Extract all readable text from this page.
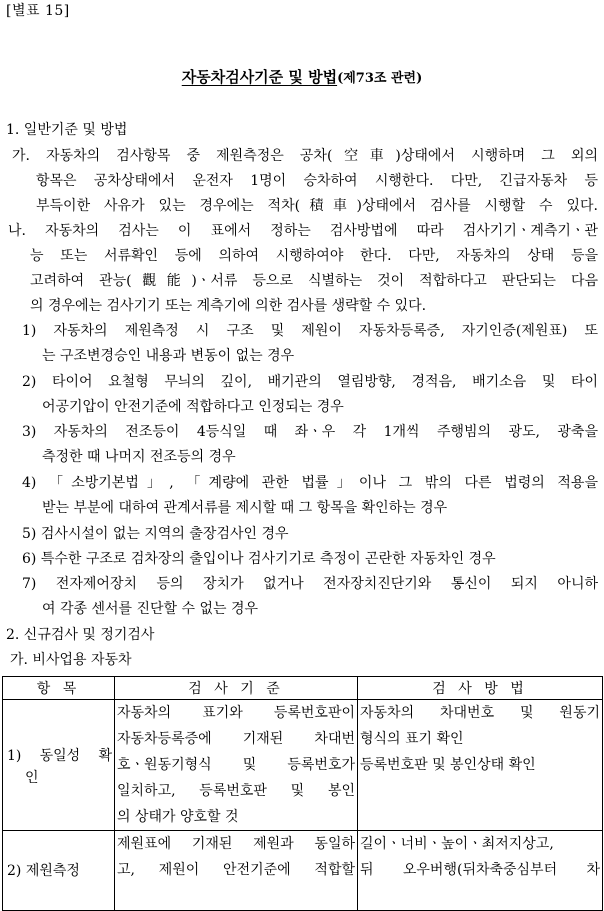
[별표 15]
자동차검사기준 및 방법(제73조 관련)
1. 일반기준 및 방법
가. 자동차의 검사항목 중 제원측정은 공차(空車)상태에서 시행하며 그 외의
항목은 공차상태에서 운전자 1명이 승차하여 시행한다. 다만, 긴급자동차 등
부득이한 사유가 있는 경우에는 적차(積車)상태에서 검사를 시행할 수 있다.
나. 자동차의 검사는 이 표에서 정하는 검사방법에 따라 검사기기ㆍ계측기ㆍ관
능 또는 서류확인 등에 의하여 시행하여야 한다. 다만, 자동차의 상태 등을
고려하여 관능(觀能)ㆍ서류 등으로 식별하는 것이 적합하다고 판단되는 다음
의 경우에는 검사기기 또는 계측기에 의한 검사를 생략할 수 있다.
1) 자동차의 제원측정 시 구조 및 제원이 자동차등록증, 자기인증(제원표) 또
는 구조변경승인 내용과 변동이 없는 경우
2) 타이어 요철형 무늬의 깊이, 배기관의 열림방향, 경적음, 배기소음 및 타이
어공기압이 안전기준에 적합하다고 인정되는 경우
3) 자동차의 전조등이 4등식일 때 좌ㆍ우 각 1개씩 주행빔의 광도, 광축을
측정한 때 나머지 전조등의 경우
4) 「소방기본법」, 「계량에 관한 법률」이나 그 밖의 다른 법령의 적용을
받는 부분에 대하여 관계서류를 제시할 때 그 항목을 확인하는 경우
5) 검사시설이 없는 지역의 출장검사인 경우
6) 특수한 구조로 검차장의 출입이나 검사기기로 측정이 곤란한 자동차인 경우
7) 전자제어장치 등의 장치가 없거나 전자장치진단기와 통신이 되지 아니하
여 각종 센서를 진단할 수 없는 경우
2. 신규검사 및 정기검사
가. 비사업용 자동차
항 목	검 사 기 준	검 사 방 법

1) 동일성 확
인	자동차의 표기와 등록번호판이
자동차등록증에 기재된 차대번
호ㆍ원동기형식 및 등록번호가
일치하고, 등록번호판 및 봉인
의 상태가 양호할 것	자동차의 차대번호 및 원동기
형식의 표기 확인
등록번호판 및 봉인상태 확인

2) 제원측정	제원표에 기재된 제원과 동일하
고, 제원이 안전기준에 적합할	길이ㆍ너비ㆍ높이ㆍ최저지상고,
뒤 오우버행(뒤차축중심부터 차
